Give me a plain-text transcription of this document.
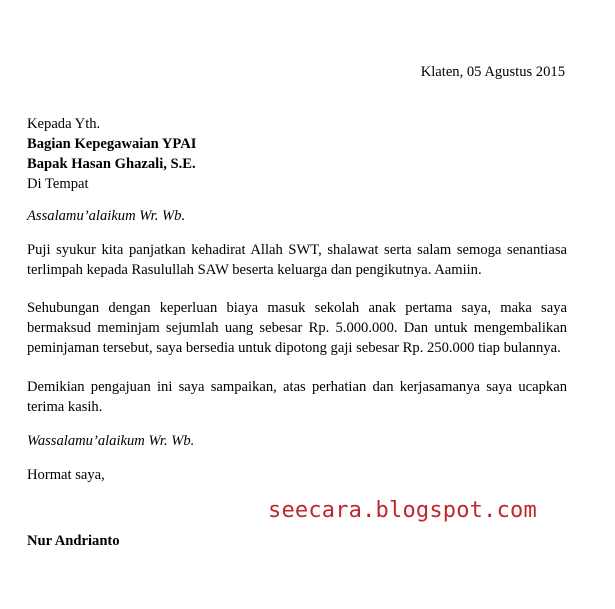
Klaten, 05 Agustus 2015
Kepada Yth.
Bagian Kepegawaian YPAI
Bapak Hasan Ghazali, S.E.
Di Tempat
Assalamu’alaikum Wr. Wb.
Puji syukur kita panjatkan kehadirat Allah SWT, shalawat serta salam semoga senantiasa terlimpah kepada Rasulullah SAW beserta keluarga dan pengikutnya. Aamiin.
Sehubungan dengan keperluan biaya masuk sekolah anak pertama saya, maka saya bermaksud meminjam sejumlah uang sebesar Rp. 5.000.000. Dan untuk mengembalikan peminjaman tersebut, saya bersedia untuk dipotong gaji sebesar Rp. 250.000 tiap bulannya.
Demikian pengajuan ini saya sampaikan, atas perhatian dan kerjasamanya saya ucapkan terima kasih.
Wassalamu’alaikum Wr. Wb.
Hormat saya,
seecara.blogspot.com
Nur Andrianto
